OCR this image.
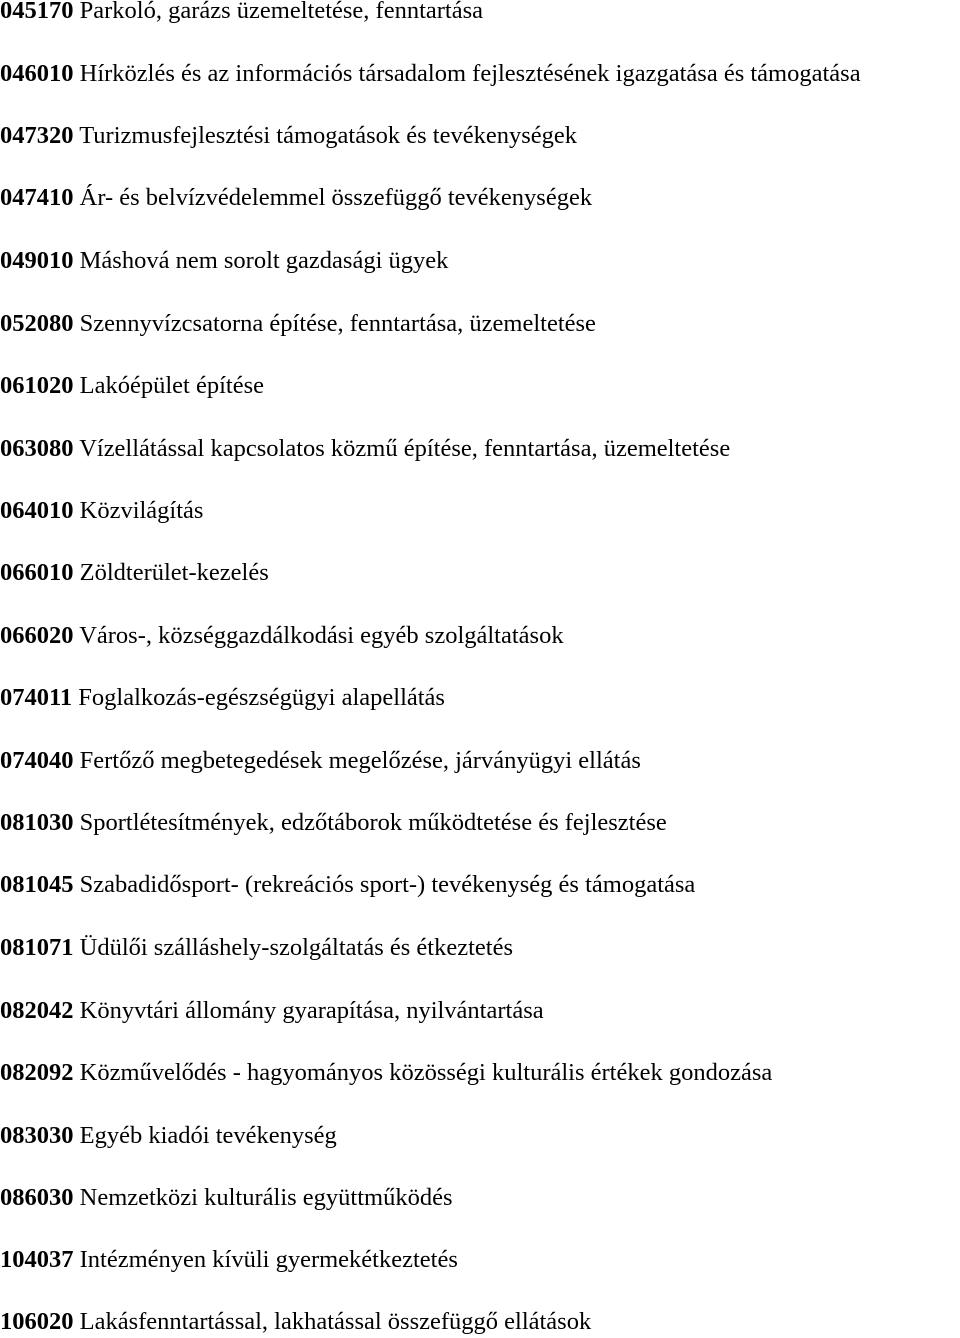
045170 Parkoló, garázs üzemeltetése, fenntartása
046010 Hírközlés és az információs társadalom fejlesztésének igazgatása és támogatása
047320 Turizmusfejlesztési támogatások és tevékenységek
047410 Ár- és belvízvédelemmel összefüggő tevékenységek
049010 Máshová nem sorolt gazdasági ügyek
052080 Szennyvízcsatorna építése, fenntartása, üzemeltetése
061020 Lakóépület építése
063080 Vízellátással kapcsolatos közmű építése, fenntartása, üzemeltetése
064010 Közvilágítás
066010 Zöldterület-kezelés
066020 Város-, községgazdálkodási egyéb szolgáltatások
074011 Foglalkozás-egészségügyi alapellátás
074040 Fertőző megbetegedések megelőzése, járványügyi ellátás
081030 Sportlétesítmények, edzőtáborok működtetése és fejlesztése
081045 Szabadidősport- (rekreációs sport-) tevékenység és támogatása
081071 Üdülői szálláshely-szolgáltatás és étkeztetés
082042 Könyvtári állomány gyarapítása, nyilvántartása
082092 Közművelődés - hagyományos közösségi kulturális értékek gondozása
083030 Egyéb kiadói tevékenység
086030 Nemzetközi kulturális együttműködés
104037 Intézményen kívüli gyermekétkeztetés
106020 Lakásfenntartással, lakhatással összefüggő ellátások
